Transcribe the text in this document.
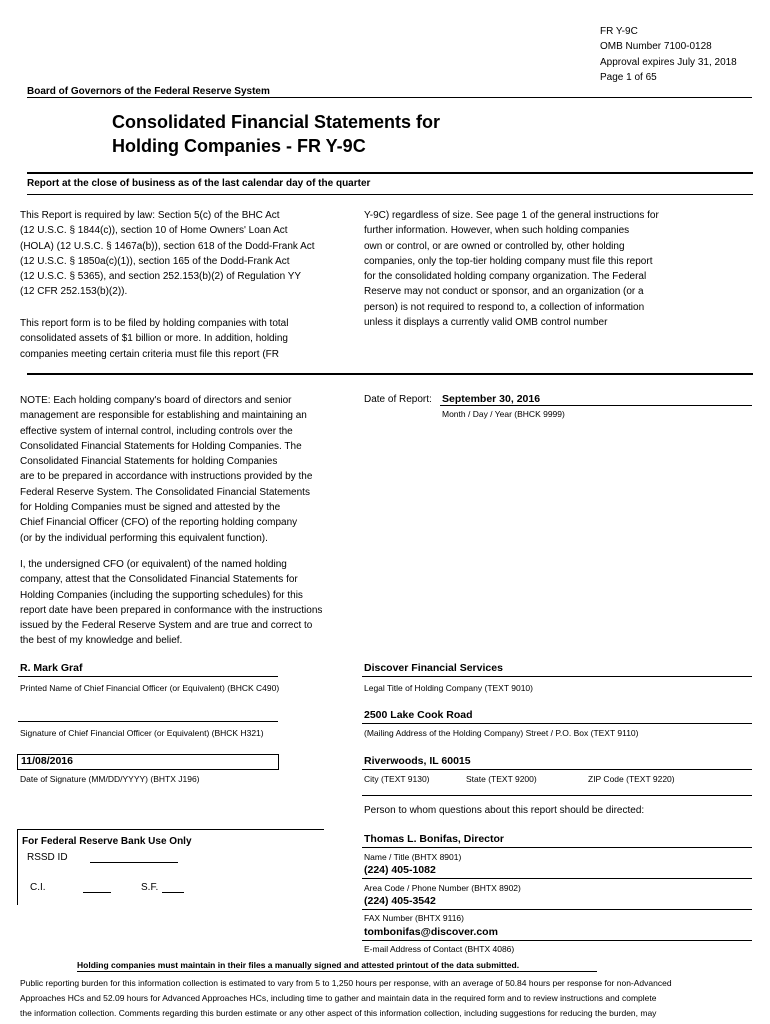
FR Y-9C
OMB Number 7100-0128
Approval expires July 31, 2018
Page 1 of 65
Board of Governors of the Federal Reserve System
Consolidated Financial Statements for
Holding Companies - FR Y-9C
Report at the close of business as of the last calendar day of the quarter
This Report is required by law: Section 5(c) of the BHC Act
(12 U.S.C. § 1844(c)), section 10 of Home Owners' Loan Act
(HOLA) (12 U.S.C. § 1467a(b)), section 618 of the Dodd-Frank Act
(12 U.S.C. § 1850a(c)(1)), section 165 of the Dodd-Frank Act
(12 U.S.C. § 5365), and section 252.153(b)(2) of Regulation YY
(12 CFR 252.153(b)(2)).
This report form is to be filed by holding companies with total
consolidated assets of $1 billion or more. In addition, holding
companies meeting certain criteria must file this report (FR
Y-9C) regardless of size. See page 1 of the general instructions for
further information. However, when such holding companies
own or control, or are owned or controlled by, other holding
companies, only the top-tier holding company must file this report
for the consolidated holding company organization. The Federal
Reserve may not conduct or sponsor, and an organization (or a
person) is not required to respond to, a collection of information
unless it displays a currently valid OMB control number
NOTE: Each holding company's board of directors and senior
management are responsible for establishing and maintaining an
effective system of internal control, including controls over the
Consolidated Financial Statements for Holding Companies. The
Consolidated Financial Statements for holding Companies
are to be prepared in accordance with instructions provided by the
Federal Reserve System. The Consolidated Financial Statements
for Holding Companies must be signed and attested by the
Chief Financial Officer (CFO) of the reporting holding company
(or by the individual performing this equivalent function).
I, the undersigned CFO (or equivalent) of the named holding
company, attest that the Consolidated Financial Statements for
Holding Companies (including the supporting schedules) for this
report date have been prepared in conformance with the instructions
issued by the Federal Reserve System and are true and correct to
the best of my knowledge and belief.
Date of Report: September 30, 2016
Month / Day / Year (BHCK 9999)
R. Mark Graf
Printed Name of Chief Financial Officer (or Equivalent) (BHCK C490)
Signature of Chief Financial Officer (or Equivalent) (BHCK H321)
11/08/2016
Date of Signature (MM/DD/YYYY) (BHTX J196)
Discover Financial Services
Legal Title of Holding Company (TEXT 9010)
2500 Lake Cook Road
(Mailing Address of the Holding Company) Street / P.O. Box (TEXT 9110)
Riverwoods, IL 60015
City (TEXT 9130)	State (TEXT 9200)	ZIP Code (TEXT 9220)
Person to whom questions about this report should be directed:
For Federal Reserve Bank Use Only
RSSD ID
C.I.	S.F.
Thomas L. Bonifas, Director
Name / Title (BHTX 8901)
(224) 405-1082
Area Code / Phone Number (BHTX 8902)
(224) 405-3542
FAX Number (BHTX 9116)
tombonifas@discover.com
E-mail Address of Contact (BHTX 4086)
Holding companies must maintain in their files a manually signed and attested printout of the data submitted.
Public reporting burden for this information collection is estimated to vary from 5 to 1,250 hours per response, with an average of 50.84 hours per response for non-Advanced
Approaches HCs and 52.09 hours for Advanced Approaches HCs, including time to gather and maintain data in the required form and to review instructions and complete
the information collection. Comments regarding this burden estimate or any other aspect of this information collection, including suggestions for reducing the burden, may
